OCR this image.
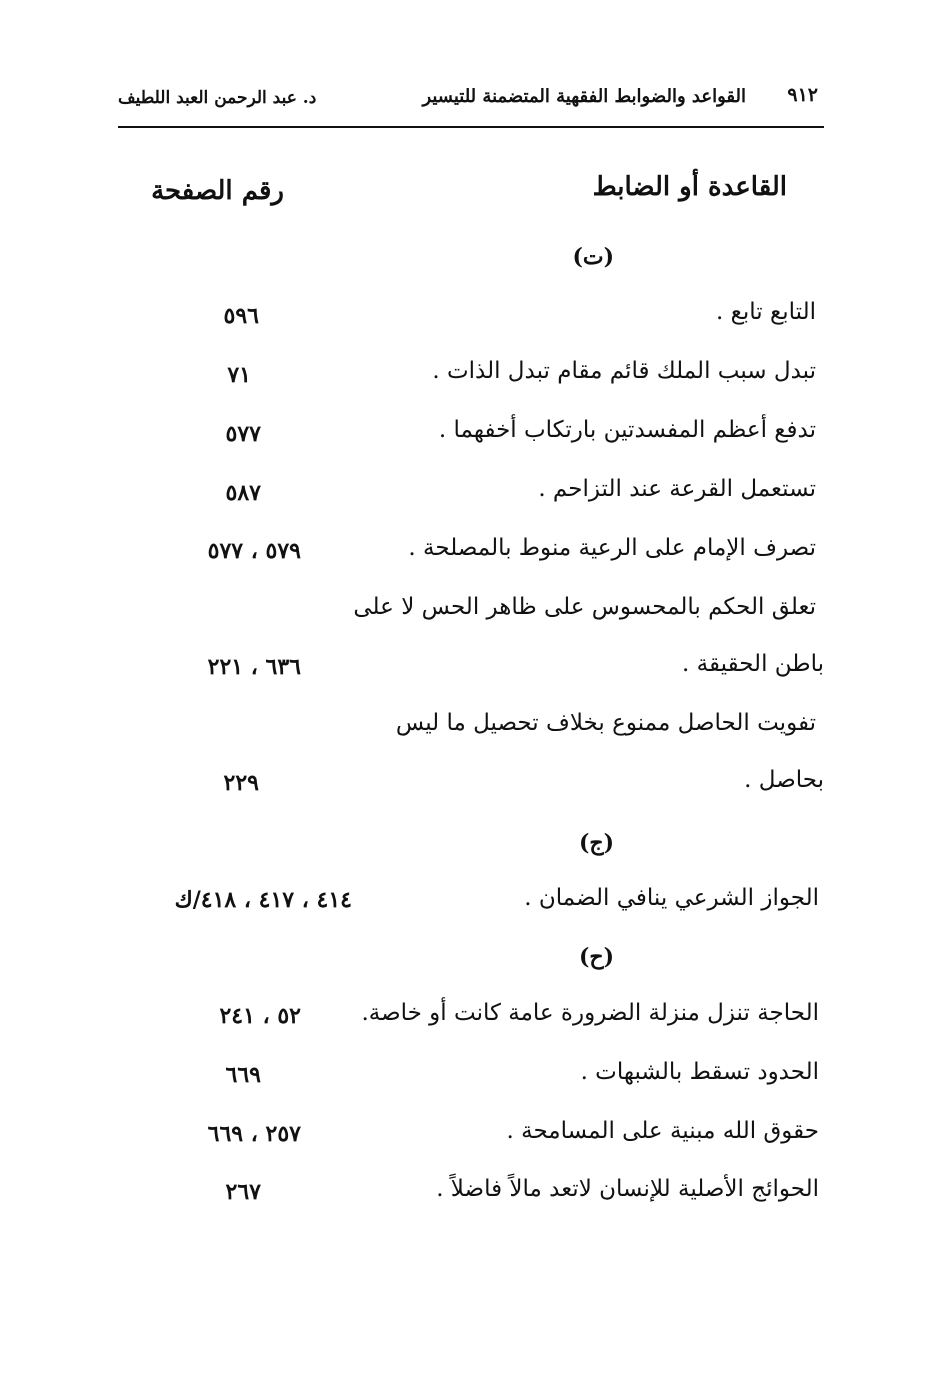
٩١٢
القواعد والضوابط الفقهية المتضمنة للتيسير
د. عبد الرحمن العبد اللطيف
القاعدة أو الضابط
رقم الصفحة
(ت)
التابع تابع .
٥٩٦
تبدل سبب الملك قائم مقام تبدل الذات .
٧١
تدفع أعظم المفسدتين بارتكاب أخفهما .
٥٧٧
تستعمل القرعة عند التزاحم .
٥٨٧
تصرف الإمام على الرعية منوط بالمصلحة .
٥٧٩ ، ٥٧٧
تعلق الحكم بالمحسوس على ظاهر الحس لا على
باطن الحقيقة .
٦٣٦ ، ٢٢١
تفويت الحاصل ممنوع بخلاف تحصيل ما ليس
بحاصل .
٢٢٩
(ج)
الجواز الشرعي ينافي الضمان .
٤١٤ ، ٤١٧ ، ٤١٨/ك
(ح)
الحاجة تنزل منزلة الضرورة عامة كانت أو خاصة.
٥٢ ، ٢٤١
الحدود تسقط بالشبهات .
٦٦٩
حقوق الله مبنية على المسامحة .
٢٥٧ ، ٦٦٩
الحوائج الأصلية للإنسان لاتعد مالاً فاضلاً .
٢٦٧
